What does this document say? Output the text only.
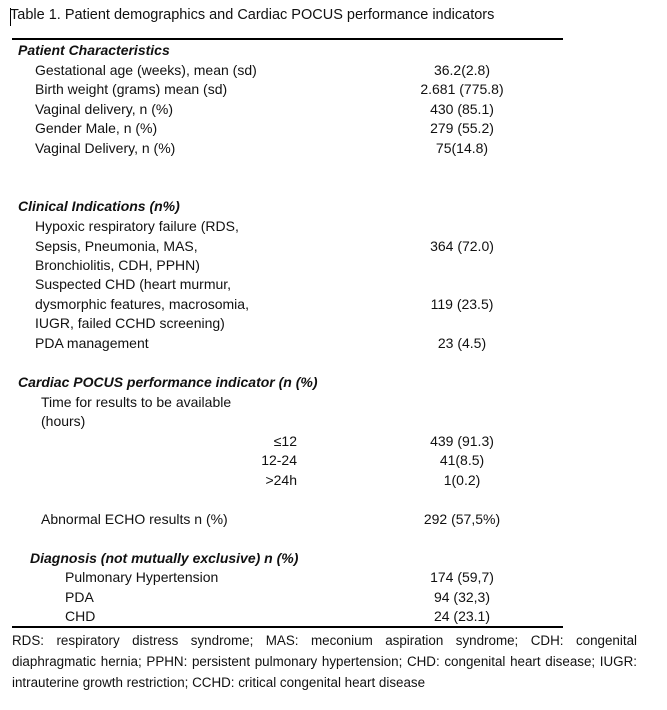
Table 1. Patient demographics and Cardiac POCUS performance indicators
Patient Characteristics
Gestational age (weeks), mean (sd)	36.2(2.8)
Birth weight (grams) mean (sd)	2.681 (775.8)
Vaginal delivery, n (%)	430 (85.1)
Gender Male, n (%)	279 (55.2)
Vaginal Delivery, n (%)	75(14.8)
Clinical Indications (n%)
Hypoxic respiratory failure (RDS,
Sepsis, Pneumonia, MAS,
Bronchiolitis, CDH, PPHN)
364 (72.0)
Suspected CHD (heart murmur,
dysmorphic features, macrosomia,
IUGR, failed CCHD screening)
119 (23.5)
PDA management	23 (4.5)
Cardiac POCUS performance indicator (n (%)
Time for results to be available
(hours)
≤12	439 (91.3)
12-24	41(8.5)
>24h	1(0.2)
Abnormal ECHO results n (%)	292 (57,5%)
Diagnosis (not mutually exclusive) n (%)
Pulmonary Hypertension	174 (59,7)
PDA	94 (32,3)
CHD	24 (23.1)
RDS: respiratory distress syndrome; MAS: meconium aspiration syndrome; CDH: congenital diaphragmatic hernia; PPHN: persistent pulmonary hypertension; CHD: congenital heart disease; IUGR: intrauterine growth restriction; CCHD: critical congenital heart disease
